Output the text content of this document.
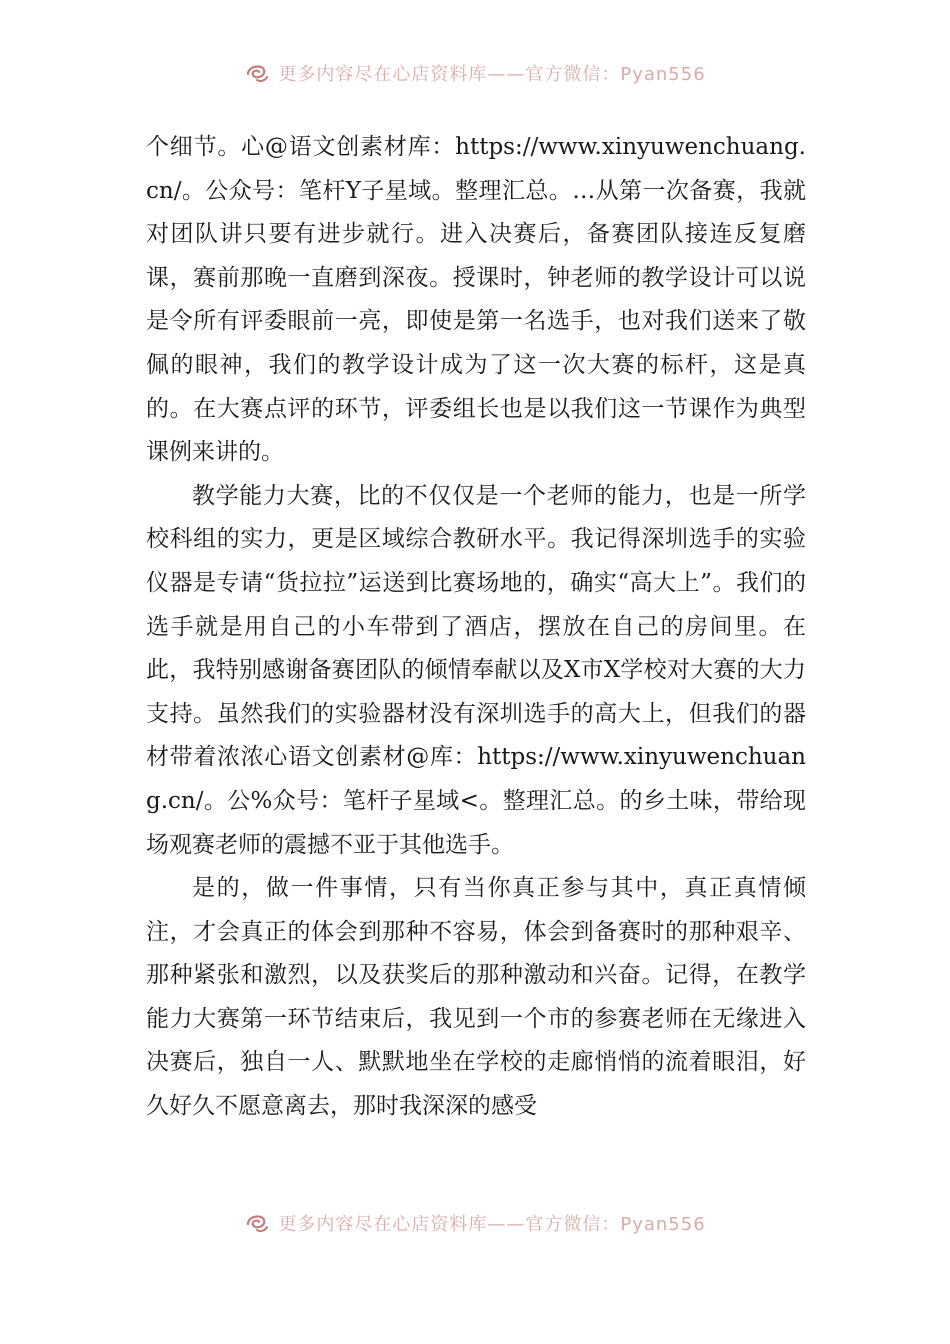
更多内容尽在心店资料库——官方微信：Pyan556

个细节。心@语文创素材库：https://www.xinyuwenchuang.cn/。公众号：笔杆Y子星域。整理汇总。…从第一次备赛，我就对团队讲只要有进步就行。进入决赛后，备赛团队接连反复磨课，赛前那晚一直磨到深夜。授课时，钟老师的教学设计可以说是令所有评委眼前一亮，即使是第一名选手，也对我们送来了敬佩的眼神，我们的教学设计成为了这一次大赛的标杆，这是真的。在大赛点评的环节，评委组长也是以我们这一节课作为典型课例来讲的。

教学能力大赛，比的不仅仅是一个老师的能力，也是一所学校科组的实力，更是区域综合教研水平。我记得深圳选手的实验仪器是专请“货拉拉”运送到比赛场地的，确实“高大上”。我们的选手就是用自己的小车带到了酒店，摆放在自己的房间里。在此，我特别感谢备赛团队的倾情奉献以及X市X学校对大赛的大力支持。虽然我们的实验器材没有深圳选手的高大上，但我们的器材带着浓浓心语文创素材@库：https://www.xinyuwenchuang.cn/。公%众号：笔杆子星域<。整理汇总。的乡土味，带给现场观赛老师的震撼不亚于其他选手。

是的，做一件事情，只有当你真正参与其中，真正真情倾注，才会真正的体会到那种不容易，体会到备赛时的那种艰辛、那种紧张和激烈，以及获奖后的那种激动和兴奋。记得，在教学能力大赛第一环节结束后，我见到一个市的参赛老师在无缘进入决赛后，独自一人、默默地坐在学校的走廊悄悄的流着眼泪，好久好久不愿意离去，那时我深深的感受

更多内容尽在心店资料库——官方微信：Pyan556
